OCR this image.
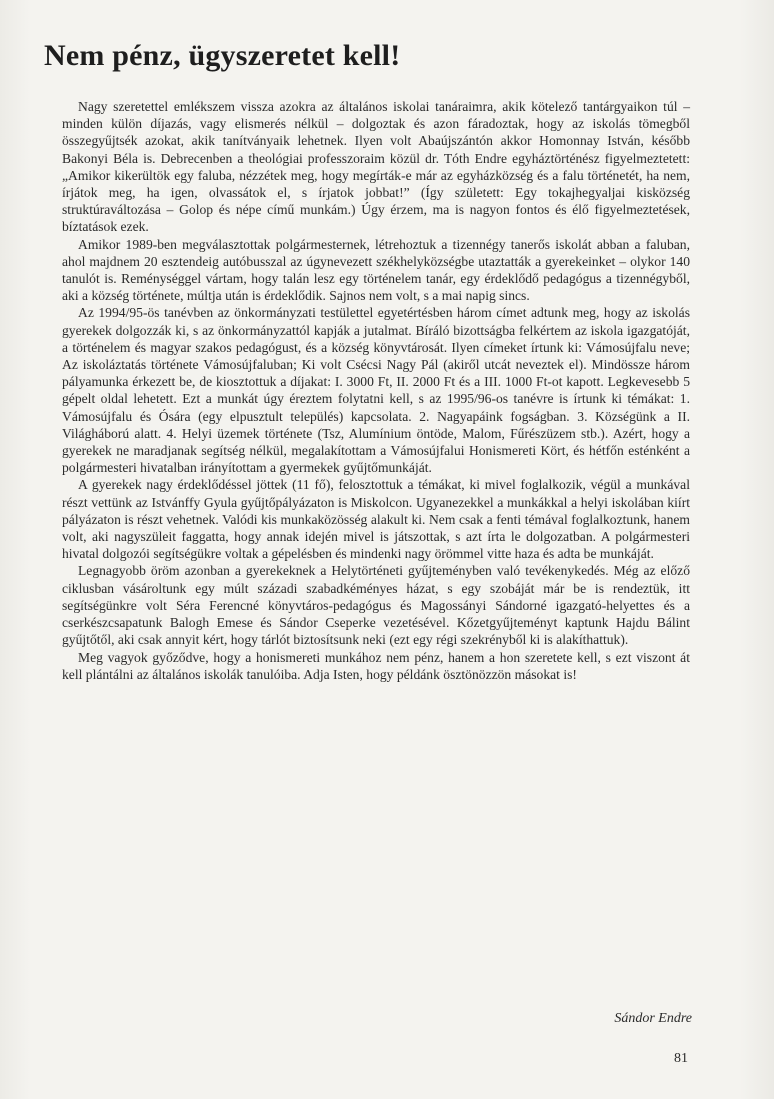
Nem pénz, ügyszeretet kell!

Nagy szeretettel emlékszem vissza azokra az általános iskolai tanáraimra, akik kötelező tantárgyaikon túl – minden külön díjazás, vagy elismerés nélkül – dolgoztak és azon fáradoztak, hogy az iskolás tömegből összegyűjtsék azokat, akik tanítványaik lehetnek. Ilyen volt Abaújszántón akkor Homonnay István, később Bakonyi Béla is. Debrecenben a theológiai professzoraim közül dr. Tóth Endre egyháztörténész figyelmeztetett: „Amikor kikerültök egy faluba, nézzétek meg, hogy megírták-e már az egyházközség és a falu történetét, ha nem, írjátok meg, ha igen, olvassátok el, s írjatok jobbat!” (Így született: Egy tokajhegyaljai kisközség struktúraváltozása – Golop és népe című munkám.) Úgy érzem, ma is nagyon fontos és élő figyelmeztetések, bíztatások ezek.

Amikor 1989-ben megválasztottak polgármesternek, létrehoztuk a tizennégy tanerős iskolát abban a faluban, ahol majdnem 20 esztendeig autóbusszal az úgynevezett székhelyközségbe utaztatták a gyerekeinket – olykor 140 tanulót is. Reménységgel vártam, hogy talán lesz egy történelem tanár, egy érdeklődő pedagógus a tizennégyből, aki a község története, múltja után is érdeklődik. Sajnos nem volt, s a mai napig sincs.

Az 1994/95-ös tanévben az önkormányzati testülettel egyetértésben három címet adtunk meg, hogy az iskolás gyerekek dolgozzák ki, s az önkormányzattól kapják a jutalmat. Bíráló bizottságba felkértem az iskola igazgatóját, a történelem és magyar szakos pedagógust, és a község könyvtárosát. Ilyen címeket írtunk ki: Vámosújfalu neve; Az iskoláztatás története Vámosújfaluban; Ki volt Csécsi Nagy Pál (akiről utcát neveztek el). Mindössze három pályamunka érkezett be, de kiosztottuk a díjakat: I. 3000 Ft, II. 2000 Ft és a III. 1000 Ft-ot kapott. Legkevesebb 5 gépelt oldal lehetett. Ezt a munkát úgy éreztem folytatni kell, s az 1995/96-os tanévre is írtunk ki témákat: 1. Vámosújfalu és Ósára (egy elpusztult település) kapcsolata. 2. Nagyapáink fogságban. 3. Községünk a II. Világháború alatt. 4. Helyi üzemek története (Tsz, Alumínium öntöde, Malom, Fűrészüzem stb.). Azért, hogy a gyerekek ne maradjanak segítség nélkül, megalakítottam a Vámosújfalui Honismereti Kört, és hétfőn esténként a polgármesteri hivatalban irányítottam a gyermekek gyűjtőmunkáját.

A gyerekek nagy érdeklődéssel jöttek (11 fő), felosztottuk a témákat, ki mivel foglalkozik, végül a munkával részt vettünk az Istvánffy Gyula gyűjtőpályázaton is Miskolcon. Ugyanezekkel a munkákkal a helyi iskolában kiírt pályázaton is részt vehetnek. Valódi kis munkaközösség alakult ki. Nem csak a fenti témával foglalkoztunk, hanem volt, aki nagyszüleit faggatta, hogy annak idején mivel is játszottak, s azt írta le dolgozatban. A polgármesteri hivatal dolgozói segítségükre voltak a gépelésben és mindenki nagy örömmel vitte haza és adta be munkáját.

Legnagyobb öröm azonban a gyerekeknek a Helytörténeti gyűjteményben való tevékenykedés. Még az előző ciklusban vásároltunk egy múlt századi szabadkéményes házat, s egy szobáját már be is rendeztük, itt segítségünkre volt Séra Ferencné könyvtáros-pedagógus és Magossányi Sándorné igazgató-helyettes és a cserkészcsapatunk Balogh Emese és Sándor Cseperke vezetésével. Kőzetgyűjteményt kaptunk Hajdu Bálint gyűjtőtől, aki csak annyit kért, hogy tárlót biztosítsunk neki (ezt egy régi szekrényből ki is alakíthattuk).

Meg vagyok győződve, hogy a honismereti munkához nem pénz, hanem a hon szeretete kell, s ezt viszont át kell plántálni az általános iskolák tanulóiba. Adja Isten, hogy példánk ösztönözzön másokat is!

Sándor Endre
81
